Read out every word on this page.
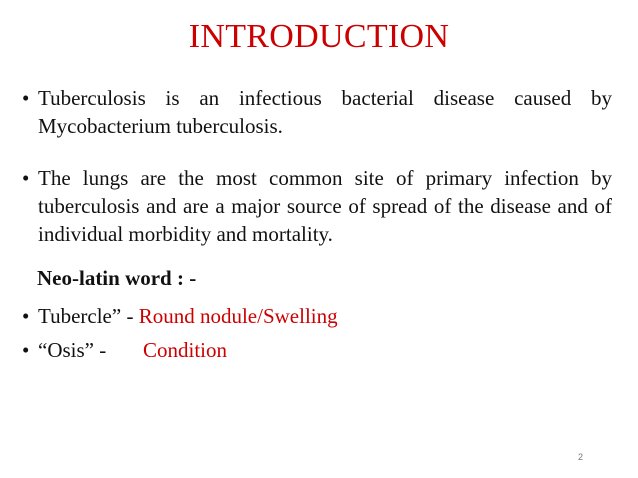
INTRODUCTION
• Tuberculosis is an infectious bacterial disease caused by Mycobacterium tuberculosis.
• The lungs are the most common site of primary infection by tuberculosis and are a major source of spread of the disease and of individual morbidity and mortality.
Neo-latin word : -
• Tubercle” - Round nodule/Swelling
• “Osis” -       Condition
2
